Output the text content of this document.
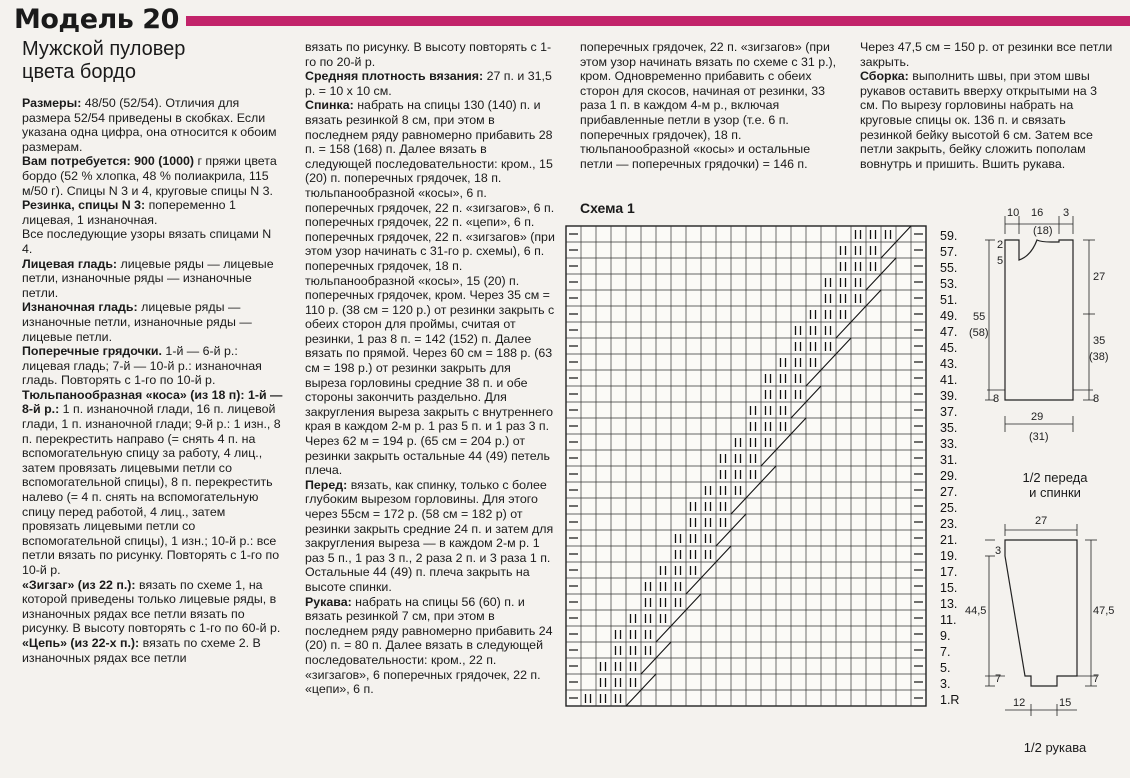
Модель 20
Мужской пуловер
цвета бордо

Размеры: 48/50 (52/54). Отличия для размера 52/54 приведены в скобках. Если указана одна цифра, она относится к обоим размерам.

Вам потребуется: 900 (1000) г пряжи цвета бордо (52 % хлопка, 48 % полиакрила, 115 м/50 г). Спицы N 3 и 4, круговые спицы N 3.

Резинка, спицы N 3: попеременно 1 лицевая, 1 изнаночная.

Все последующие узоры вязать спицами N 4.

Лицевая гладь: лицевые ряды — лицевые петли, изнаночные ряды — изнаночные петли.

Изнаночная гладь: лицевые ряды — изнаночные петли, изнаночные ряды — лицевые петли.

Поперечные грядочки. 1-й — 6-й р.: лицевая гладь; 7-й — 10-й р.: изнаночная гладь. Повторять с 1-го по 10-й р.

Тюльпанообразная «коса» (из 18 п): 1-й — 8-й р.: 1 п. изнаночной глади, 16 п. лицевой глади, 1 п. изнаночной глади; 9-й р.: 1 изн., 8 п. перекрестить направо (= снять 4 п. на вспомогательную спицу за работу, 4 лиц., затем провязать лицевыми петли со вспомогательной спицы), 8 п. перекрестить налево (= 4 п. снять на вспомогательную спицу перед работой, 4 лиц., затем провязать лицевыми петли со вспомогательной спицы), 1 изн.; 10-й р.: все петли вязать по рисунку. Повторять с 1-го по 10-й р.

«Зигзаг» (из 22 п.): вязать по схеме 1, на которой приведены только лицевые ряды, в изнаночных рядах все петли вязать по рисунку. В высоту повторять с 1-го по 60-й р.

«Цепь» (из 22-х п.): вязать по схеме 2. В изнаночных рядах все петли

вязать по рисунку. В высоту повторять с 1-го по 20-й р.

Средняя плотность вязания: 27 п. и 31,5 р. = 10 х 10 см.

Спинка: набрать на спицы 130 (140) п. и вязать резинкой 8 см, при этом в последнем ряду равномерно прибавить 28 п. = 158 (168) п. Далее вязать в следующей последовательности: кром., 15 (20) п. поперечных грядочек, 18 п. тюльпанообразной «косы», 6 п. поперечных грядочек, 22 п. «зигзагов», 6 п. поперечных грядочек, 22 п. «цепи», 6 п. поперечных грядочек, 22 п. «зигзагов» (при этом узор начинать с 31-го р. схемы), 6 п. поперечных грядочек, 18 п. тюльпанообразной «косы», 15 (20) п. поперечных грядочек, кром. Через 35 см = 110 р. (38 см = 120 р.) от резинки закрыть с обеих сторон для проймы, считая от резинки, 1 раз 8 п. = 142 (152) п. Далее вязать по прямой. Через 60 см = 188 р. (63 см = 198 р.) от резинки закрыть для выреза горловины средние 38 п. и обе стороны закончить раздельно. Для закругления выреза закрыть с внутреннего края в каждом 2-м р. 1 раз 5 п. и 1 раз 3 п. Через 62 м = 194 р. (65 см = 204 р.) от резинки закрыть остальные 44 (49) петель плеча.

Перед: вязать, как спинку, только с более глубоким вырезом горловины. Для этого через 55см = 172 р. (58 см = 182 р) от резинки закрыть средние 24 п. и затем для закругления выреза — в каждом 2-м р. 1 раз 5 п., 1 раз 3 п., 2 раза 2 п. и 3 раза 1 п. Остальные 44 (49) п. плеча закрыть на высоте спинки.

Рукава: набрать на спицы 56 (60) п. и вязать резинкой 7 см, при этом в последнем ряду равномерно прибавить 24 (20) п. = 80 п. Далее вязать в следующей последовательности: кром., 22 п. «зигзагов», 6 поперечных грядочек, 22 п. «цепи», 6 п.

поперечных грядочек, 22 п. «зигзагов» (при этом узор начинать вязать по схеме с 31 р.), кром. Одновременно прибавить с обеих сторон для скосов, начиная от резинки, 33 раза 1 п. в каждом 4-м р., включая прибавленные петли в узор (т.е. 6 п. поперечных грядочек), 18 п. тюльпанообразной «косы» и остальные петли — поперечных грядочки) = 146 п.

Через 47,5 см = 150 р. от резинки все петли закрыть.

Сборка: выполнить швы, при этом швы рукавов оставить вверху открытыми на 3 см. По вырезу горловины набрать на круговые спицы ок. 136 п. и связать резинкой бейку высотой 6 см. Затем все петли закрыть, бейку сложить пополам вовнутрь и пришить. Вшить рукава.

Схема 1
59.
57.
55.
53.
51.
49.
47.
45.
43.
41.
39.
37.
35.
33.
31.
29.
27.
25.
23.
21.
19.
17.
15.
13.
11.
9.
7.
5.
3.
1.R
10 16
(18)
3
2
5
27
55
(58)
35
(38)
8	8
29
(31)
1/2 переда
и спинки
27
3
44,5	47,5
7	7
12	15
1/2 рукава
